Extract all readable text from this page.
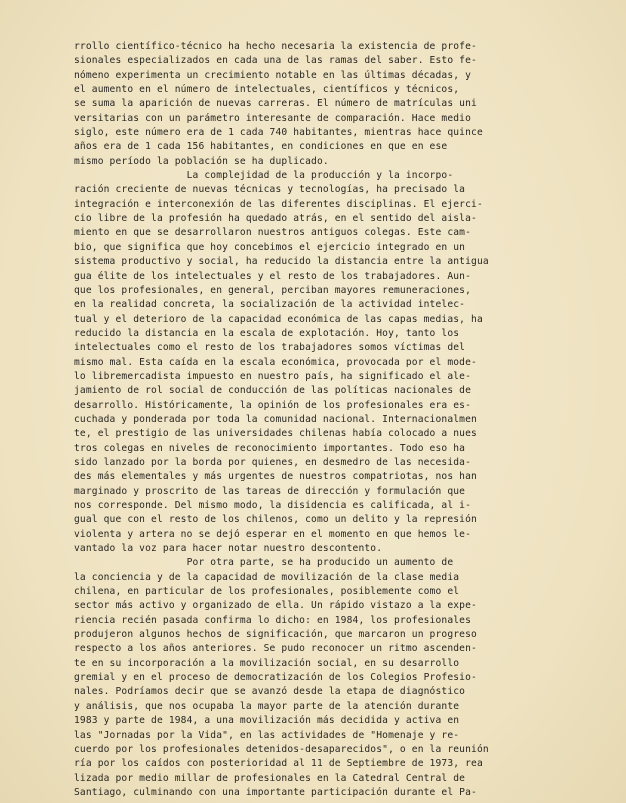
rrollo científico-técnico ha hecho necesaria la existencia de profe-
sionales especializados en cada una de las ramas del saber. Esto fe-
nómeno experimenta un crecimiento notable en las últimas décadas, y
el aumento en el número de intelectuales, científicos y técnicos,
se suma la aparición de nuevas carreras. El número de matrículas uni
versitarias con un parámetro interesante de comparación. Hace medio
siglo, este número era de 1 cada 740 habitantes, mientras hace quince
años era de 1 cada 156 habitantes, en condiciones en que en ese
mismo período la población se ha duplicado.
La complejidad de la producción y la incorpo-
ración creciente de nuevas técnicas y tecnologías, ha precisado la
integración e interconexión de las diferentes disciplinas. El ejerci-
cio libre de la profesión ha quedado atrás, en el sentido del aisla-
miento en que se desarrollaron nuestros antiguos colegas. Este cam-
bio, que significa que hoy concebimos el ejercicio integrado en un
sistema productivo y social, ha reducido la distancia entre la antigua
gua élite de los intelectuales y el resto de los trabajadores. Aun-
que los profesionales, en general, perciban mayores remuneraciones,
en la realidad concreta, la socialización de la actividad intelec-
tual y el deterioro de la capacidad económica de las capas medias, ha
reducido la distancia en la escala de explotación. Hoy, tanto los
intelectuales como el resto de los trabajadores somos víctimas del
mismo mal. Esta caída en la escala económica, provocada por el mode-
lo libremercadista impuesto en nuestro país, ha significado el ale-
jamiento de rol social de conducción de las políticas nacionales de
desarrollo. Históricamente, la opinión de los profesionales era es-
cuchada y ponderada por toda la comunidad nacional. Internacionalmen
te, el prestigio de las universidades chilenas había colocado a nues
tros colegas en niveles de reconocimiento importantes. Todo eso ha
sido lanzado por la borda por quienes, en desmedro de las necesida-
des más elementales y más urgentes de nuestros compatriotas, nos han
marginado y proscrito de las tareas de dirección y formulación que
nos corresponde. Del mismo modo, la disidencia es calificada, al i-
gual que con el resto de los chilenos, como un delito y la represión
violenta y artera no se dejó esperar en el momento en que hemos le-
vantado la voz para hacer notar nuestro descontento.
Por otra parte, se ha producido un aumento de
la conciencia y de la capacidad de movilización de la clase media
chilena, en particular de los profesionales, posiblemente como el
sector más activo y organizado de ella. Un rápido vistazo a la expe-
riencia recién pasada confirma lo dicho: en 1984, los profesionales
produjeron algunos hechos de significación, que marcaron un progreso
respecto a los años anteriores. Se pudo reconocer un ritmo ascenden-
te en su incorporación a la movilización social, en su desarrollo
gremial y en el proceso de democratización de los Colegios Profesio-
nales. Podríamos decir que se avanzó desde la etapa de diagnóstico
y análisis, que nos ocupaba la mayor parte de la atención durante
1983 y parte de 1984, a una movilización más decidida y activa en
las "Jornadas por la Vida", en las actividades de "Homenaje y re-
cuerdo por los profesionales detenidos-desaparecidos", o en la reunión
ría por los caídos con posterioridad al 11 de Septiembre de 1973, rea
lizada por medio millar de profesionales en la Catedral Central de
Santiago, culminando con una importante participación durante el Pa-
